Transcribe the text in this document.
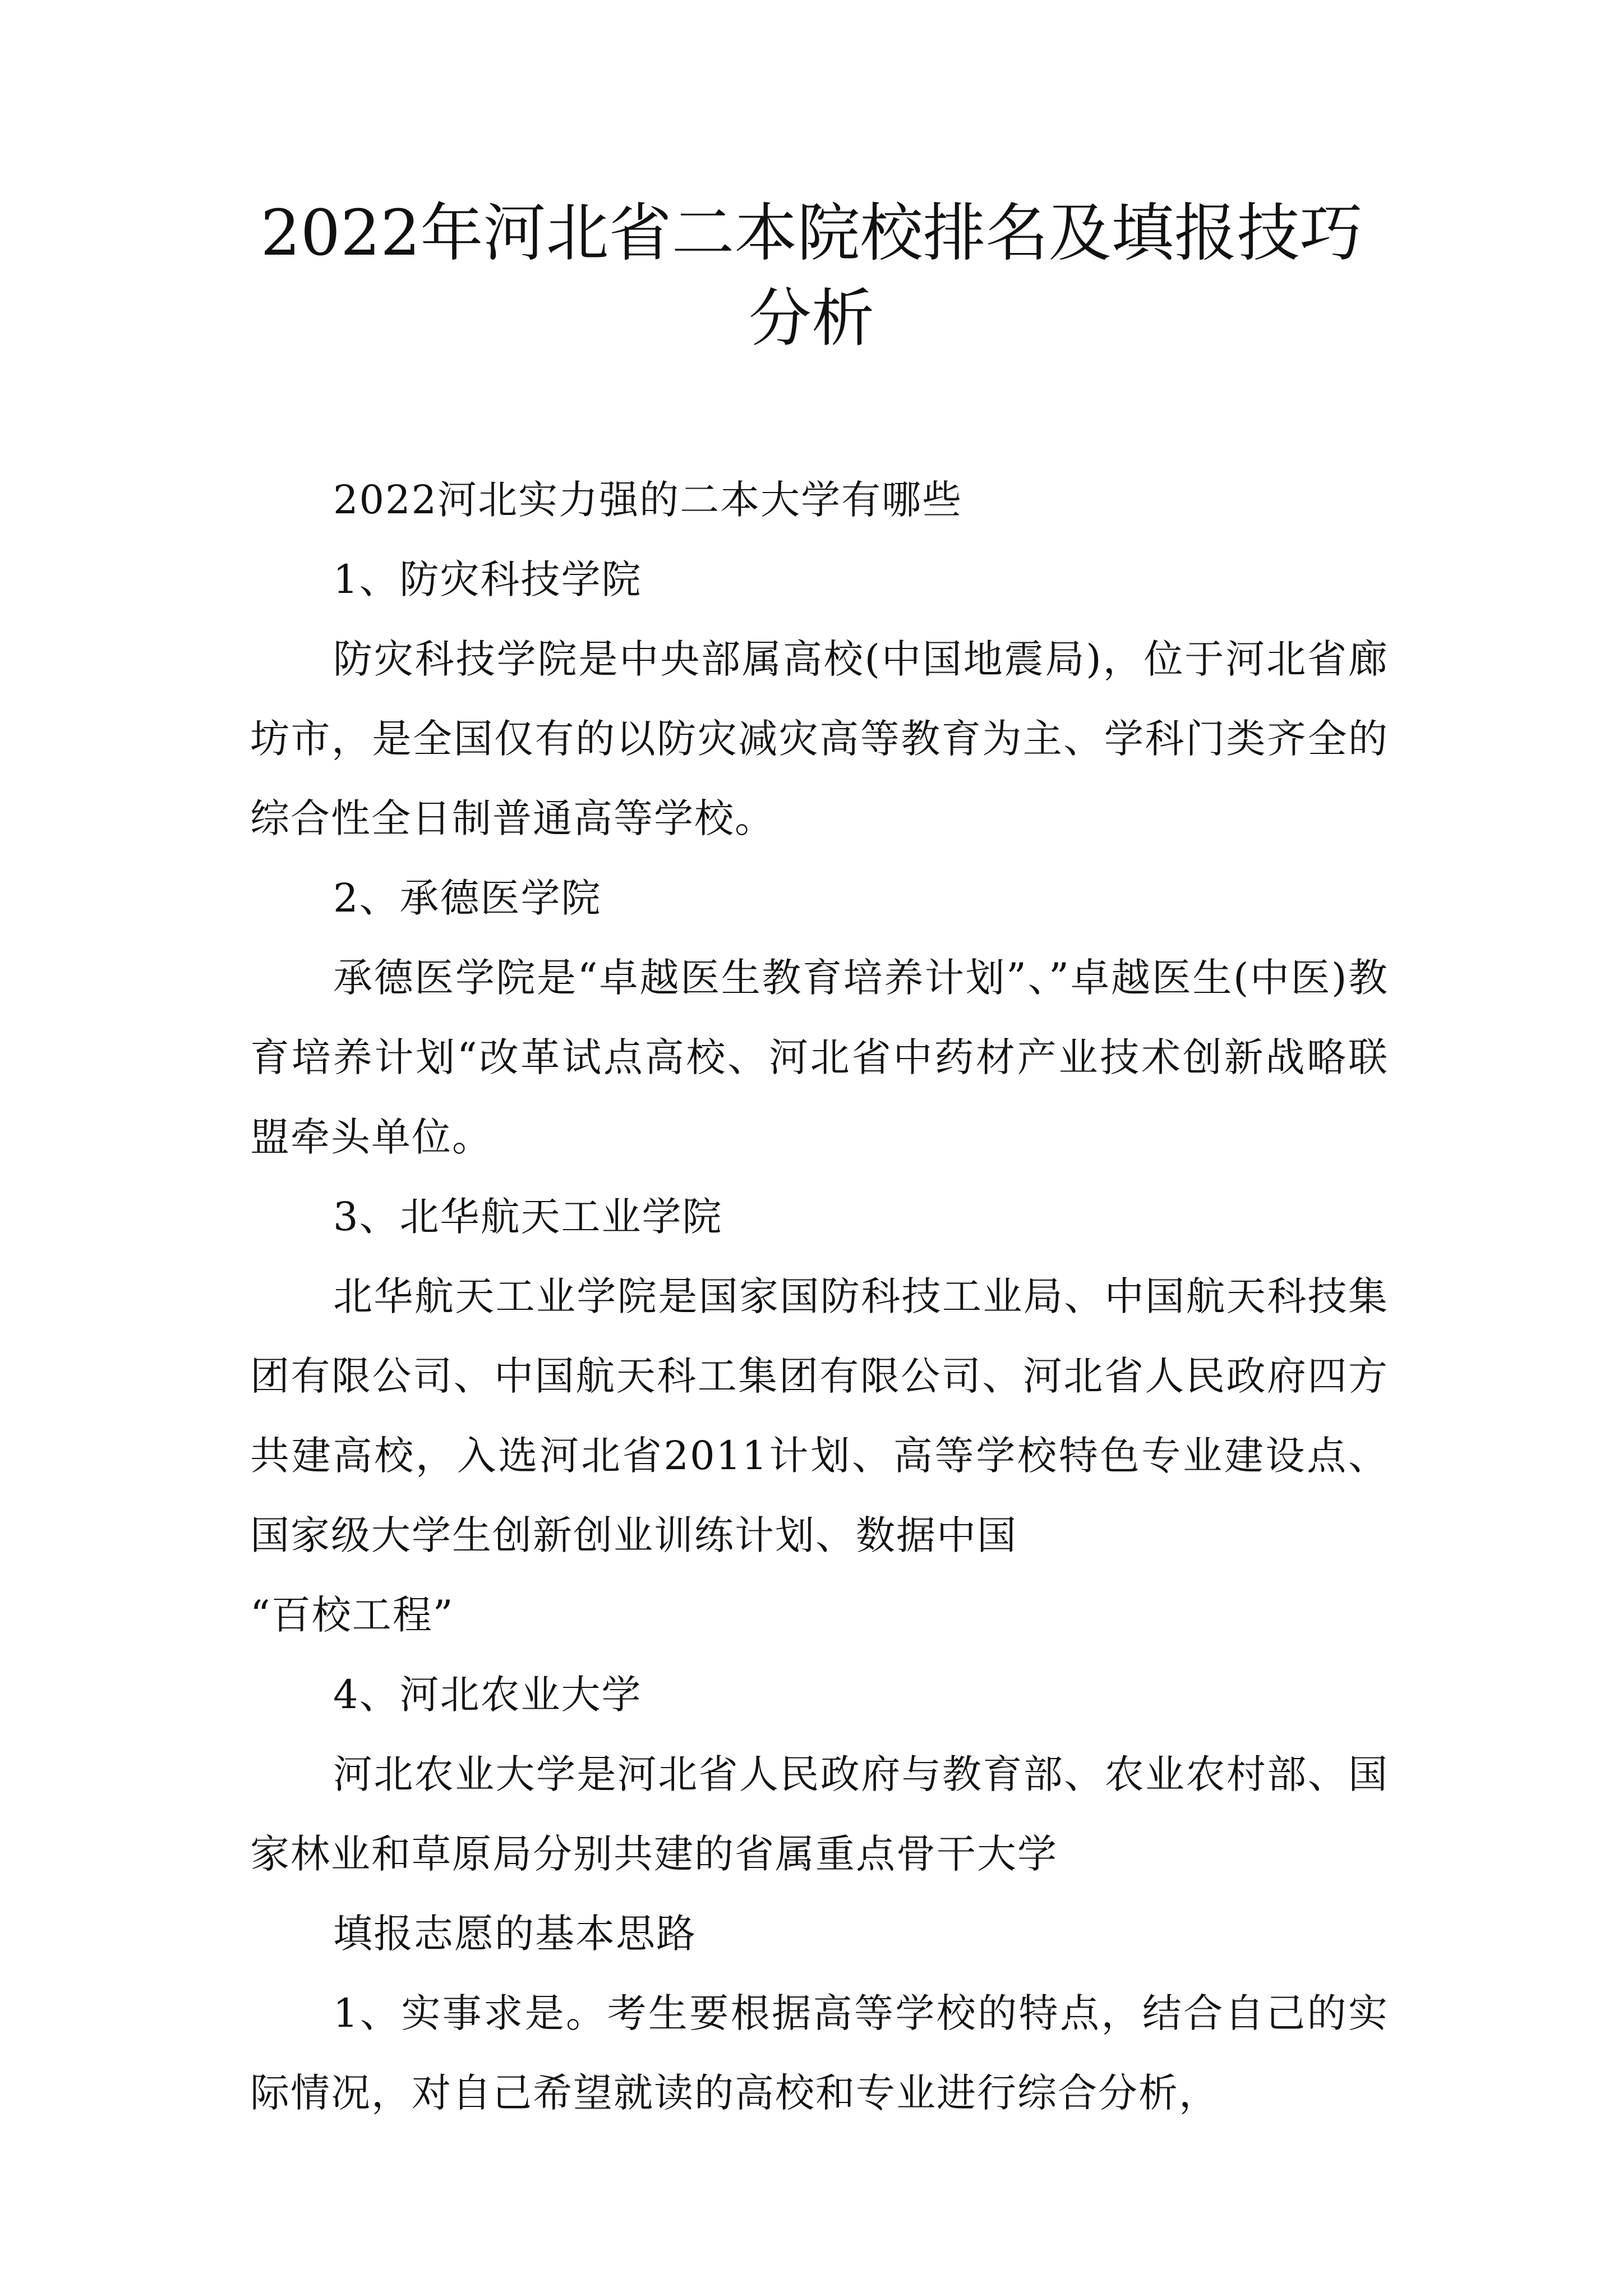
2022年河北省二本院校排名及填报技巧分析

2022河北实力强的二本大学有哪些

1、防灾科技学院

防灾科技学院是中央部属高校(中国地震局)，位于河北省廊坊市，是全国仅有的以防灾减灾高等教育为主、学科门类齐全的综合性全日制普通高等学校。

2、承德医学院

承德医学院是“卓越医生教育培养计划”、”卓越医生(中医)教育培养计划“改革试点高校、河北省中药材产业技术创新战略联盟牵头单位。

3、北华航天工业学院

北华航天工业学院是国家国防科技工业局、中国航天科技集团有限公司、中国航天科工集团有限公司、河北省人民政府四方共建高校，入选河北省2011计划、高等学校特色专业建设点、国家级大学生创新创业训练计划、数据中国

“百校工程”

4、河北农业大学

河北农业大学是河北省人民政府与教育部、农业农村部、国家林业和草原局分别共建的省属重点骨干大学

填报志愿的基本思路

1、实事求是。考生要根据高等学校的特点，结合自己的实际情况，对自己希望就读的高校和专业进行综合分析，
